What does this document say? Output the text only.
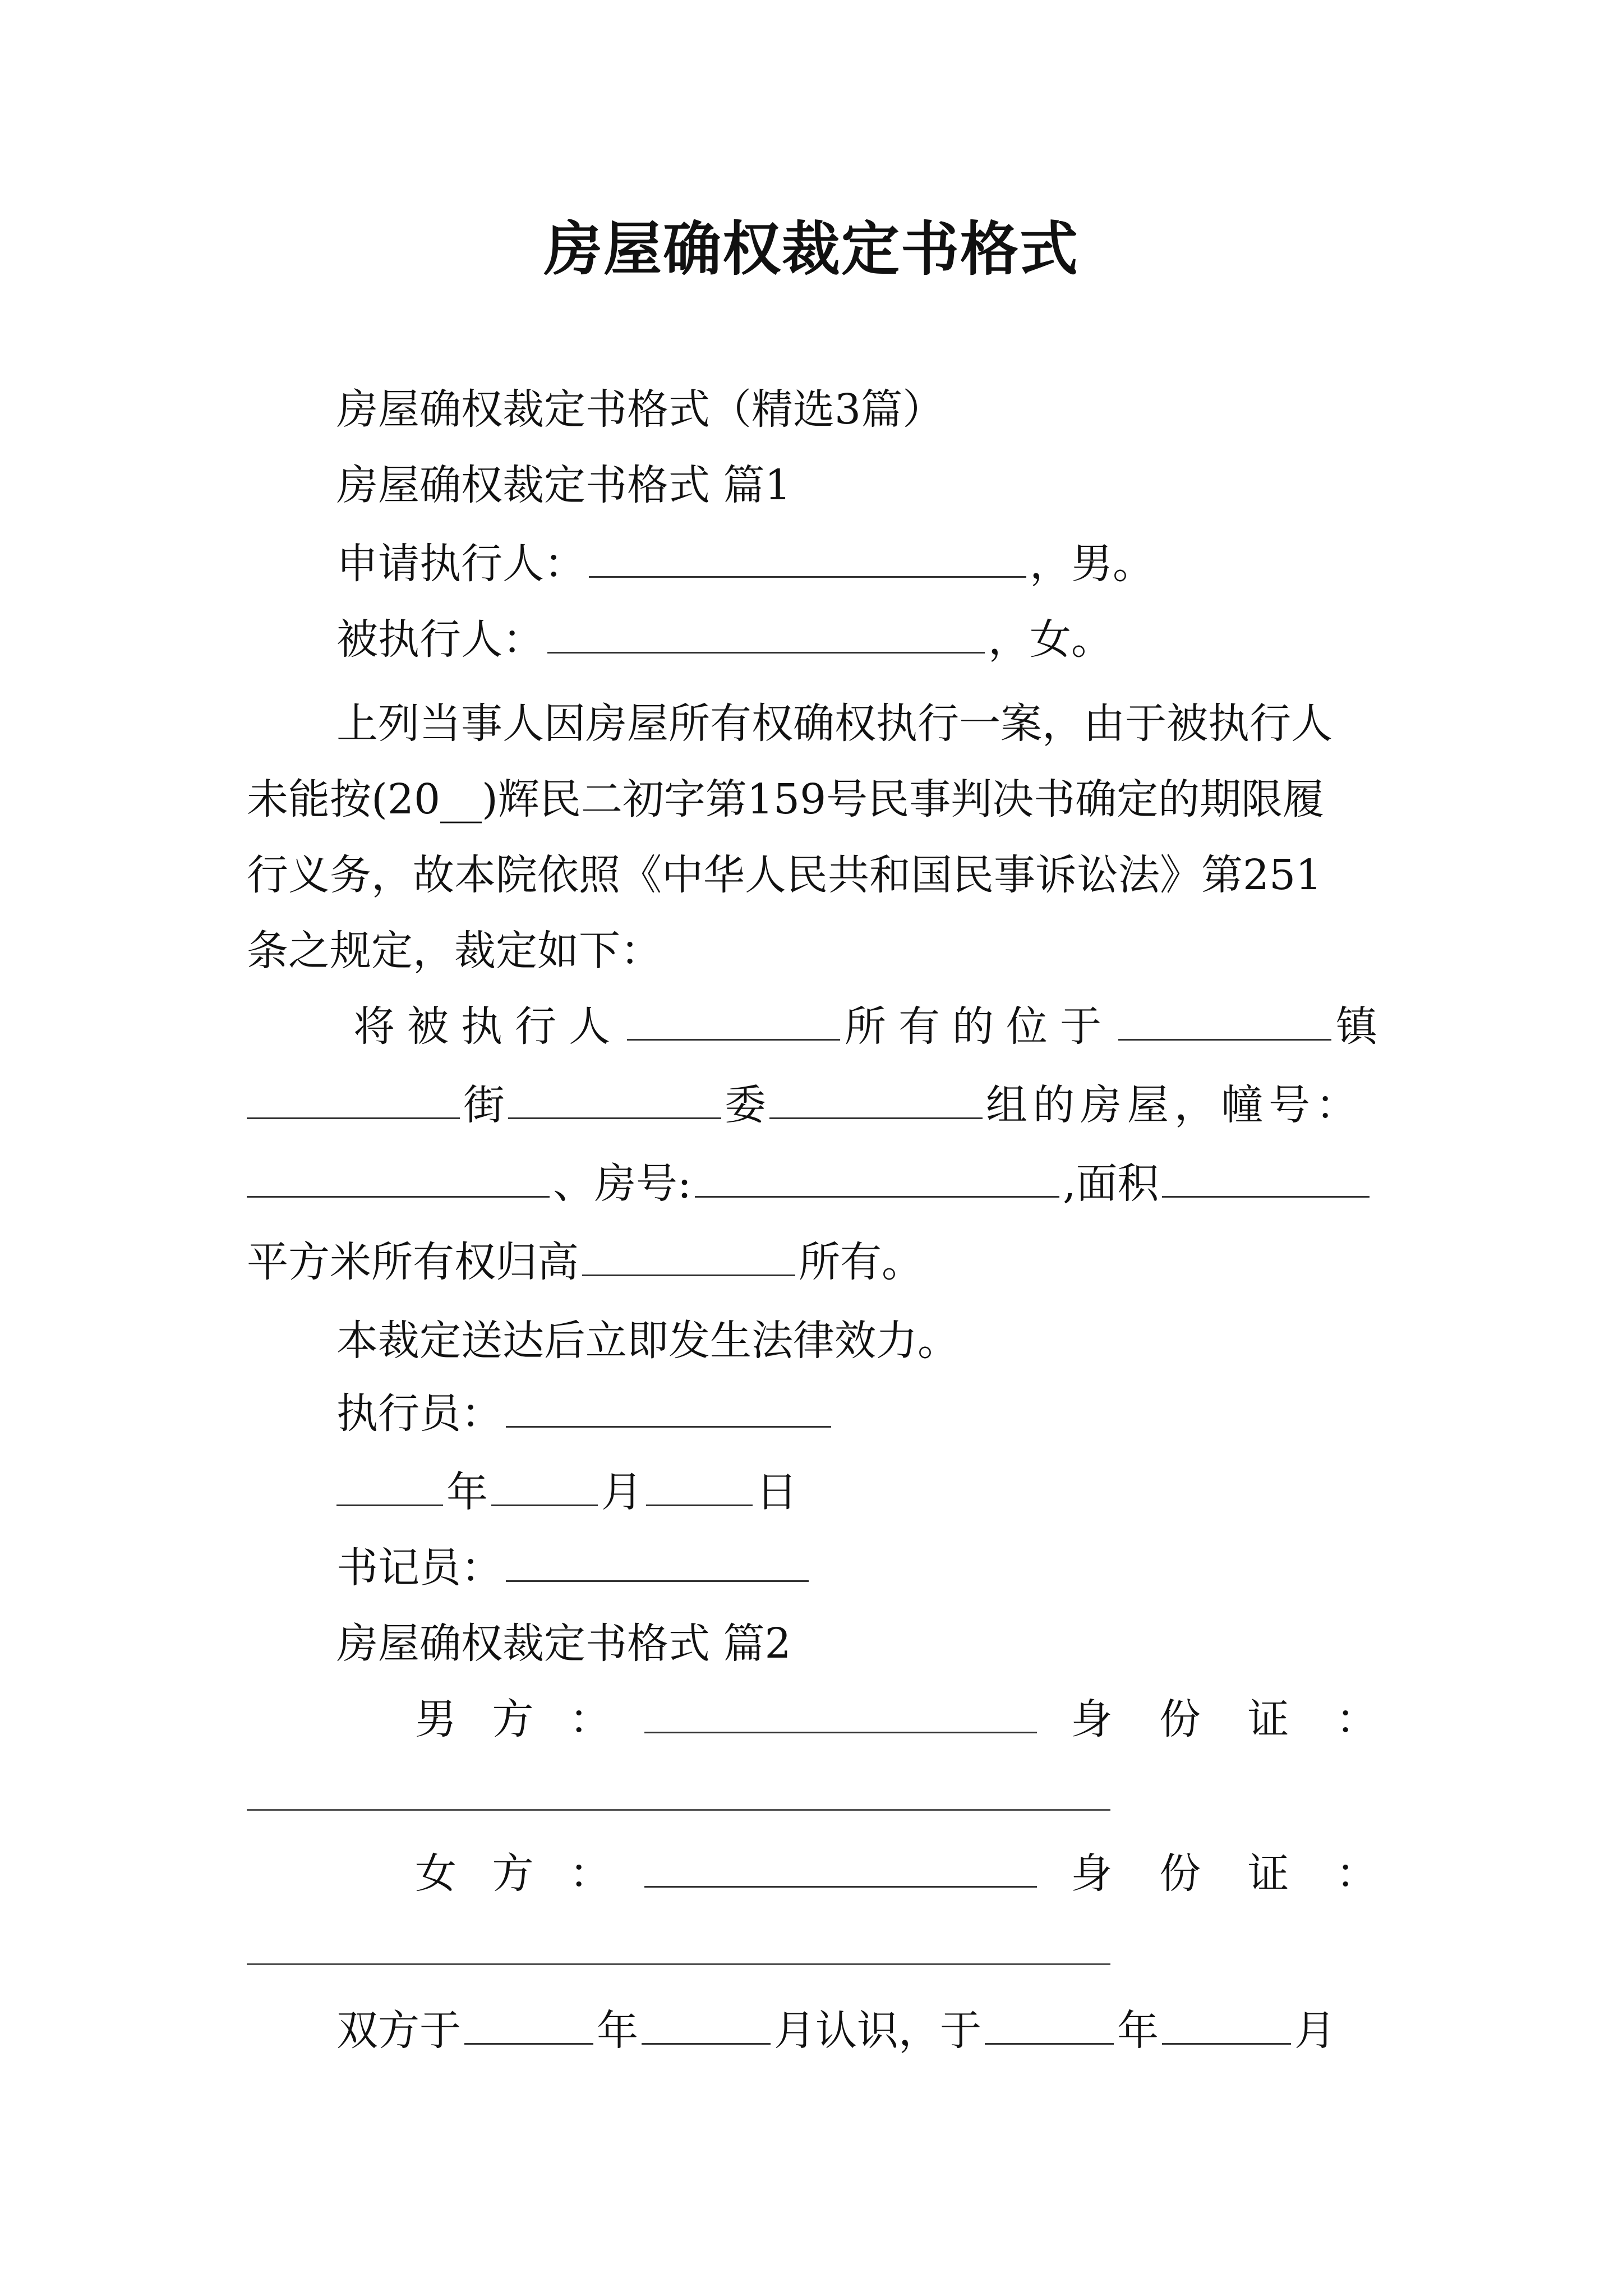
房屋确权裁定书格式
房屋确权裁定书格式（精选3篇）
房屋确权裁定书格式 篇1
申请执行人：	，男。
被执行人：	，女。
上列当事人因房屋所有权确权执行一案，由于被执行人
未能按(20__)辉民二初字第159号民事判决书确定的期限履
行义务，故本院依照《中华人民共和国民事诉讼法》第251
条之规定，裁定如下：
将被执行人	所有的位于	镇
街	委	组的房屋，幢号：
、房号:	,面积
平方米所有权归高	所有。
本裁定送达后立即发生法律效力。
执行员：
年	月	日
书记员：
房屋确权裁定书格式 篇2
男 方 ：	身 份 证 ：
女 方 ：	身 份 证 ：
双方于	年	月认识，于	年	月
